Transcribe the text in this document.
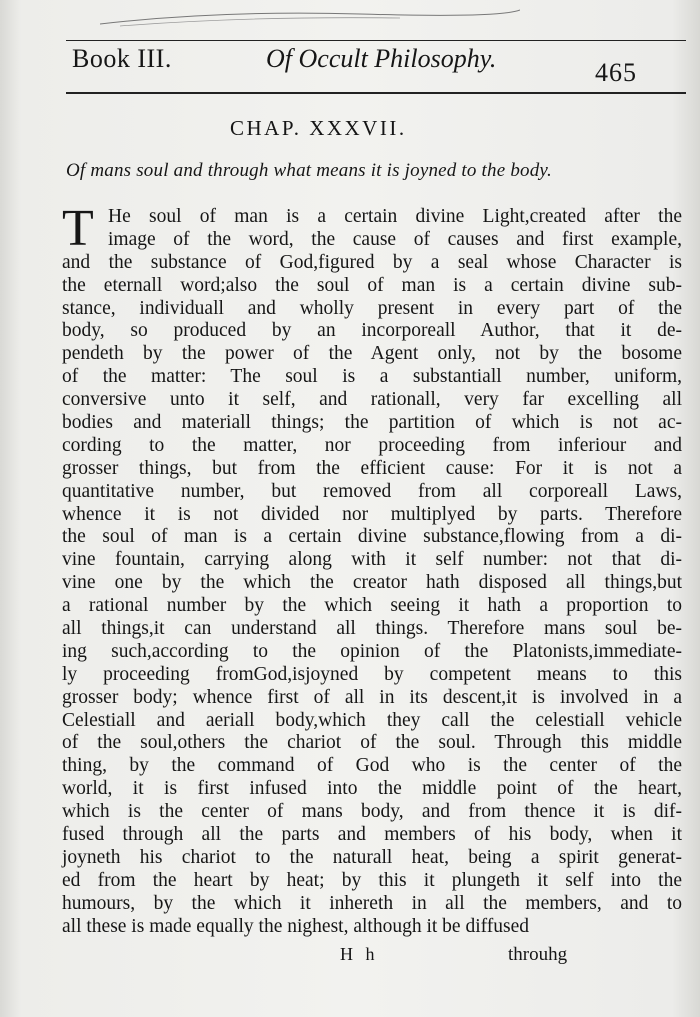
Book III.	Of Occult Philosophy.	465
CHAP. XXXVII.
Of mans soul and through what means it is joyned to the body.
T He soul of man is a certain divine Light,created after the
image of the word, the cause of causes and first example,
and the substance of God,figured by a seal whose Character is
the eternall word;also the soul of man is a certain divine sub-
stance, individuall and wholly present in every part of the
body, so produced by an incorporeall Author, that it de-
pendeth by the power of the Agent only, not by the bosome
of the matter: The soul is a substantiall number, uniform,
conversive unto it self, and rationall, very far excelling all
bodies and materiall things; the partition of which is not ac-
cording to the matter, nor proceeding from inferiour and
grosser things, but from the efficient cause: For it is not a
quantitative number, but removed from all corporeall Laws,
whence it is not divided nor multiplyed by parts. Therefore
the soul of man is a certain divine substance,flowing from a di-
vine fountain, carrying along with it self number: not that di-
vine one by the which the creator hath disposed all things,but
a rational number by the which seeing it hath a proportion to
all things,it can understand all things. Therefore mans soul be-
ing such,according to the opinion of the Platonists,immediate-
ly proceeding fromGod,isjoyned by competent means to this
grosser body; whence first of all in its descent,it is involved in a
Celestiall and aeriall body,which they call the celestiall vehicle
of the soul,others the chariot of the soul. Through this middle
thing, by the command of God who is the center of the
world, it is first infused into the middle point of the heart,
which is the center of mans body, and from thence it is dif-
fused through all the parts and members of his body, when it
joyneth his chariot to the naturall heat, being a spirit generat-
ed from the heart by heat; by this it plungeth it self into the
humours, by the which it inhereth in all the members, and to
all these is made equally the nighest, although it be diffused
H h	throuhg
